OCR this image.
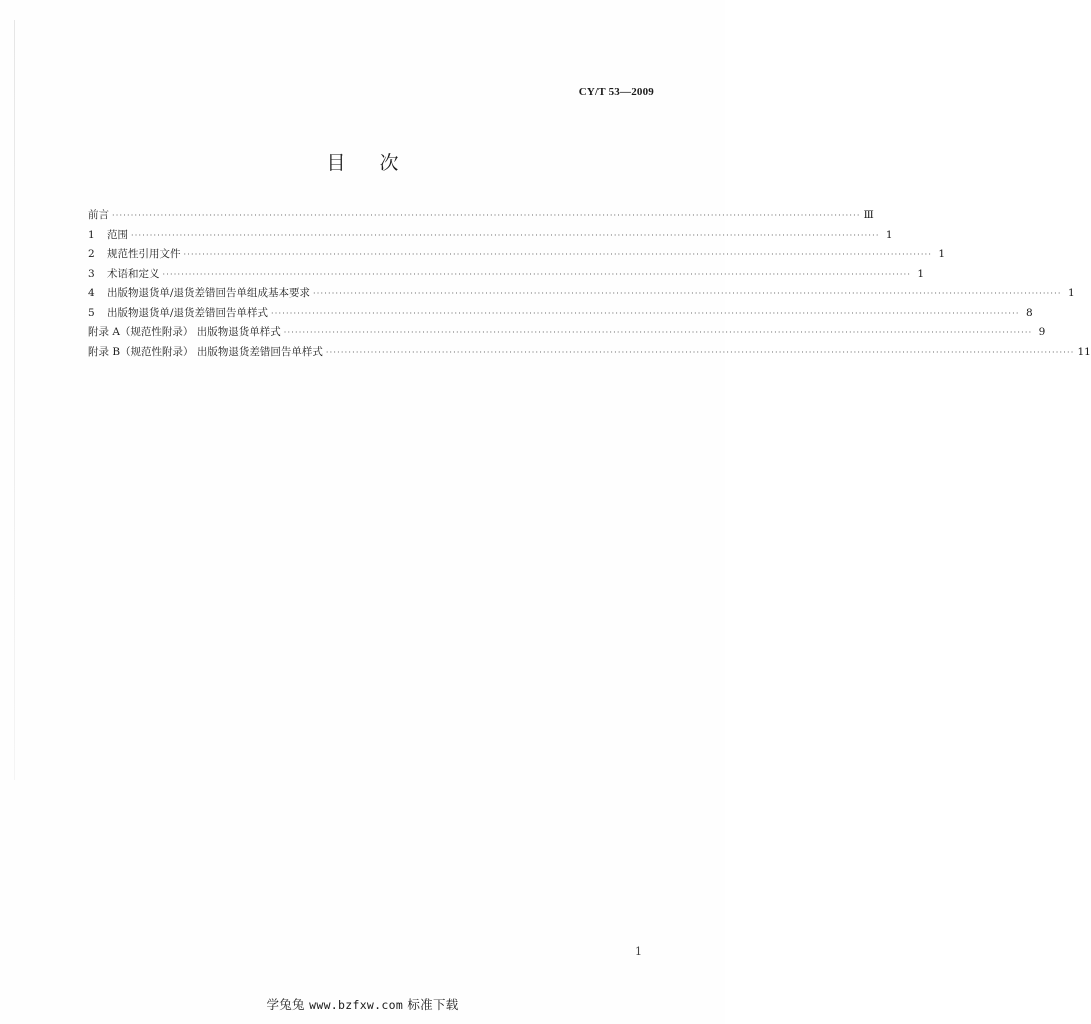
CY/T 53—2009
目次
前言 ········································································································································································································ Ⅲ
1	范围 ········································································································································································································ 1
2	规范性引用文件 ········································································································································································································ 1
3	术语和定义 ········································································································································································································ 1
4	出版物退货单/退货差错回告单组成基本要求 ········································································································································································································ 1
5	出版物退货单/退货差错回告单样式 ········································································································································································································ 8
附录 A（规范性附录） 出版物退货单样式 ········································································································································································································ 9
附录 B（规范性附录） 出版物退货差错回告单样式 ········································································································································································································ 11
1
学兔兔 www.bzfxw.com 标准下载
